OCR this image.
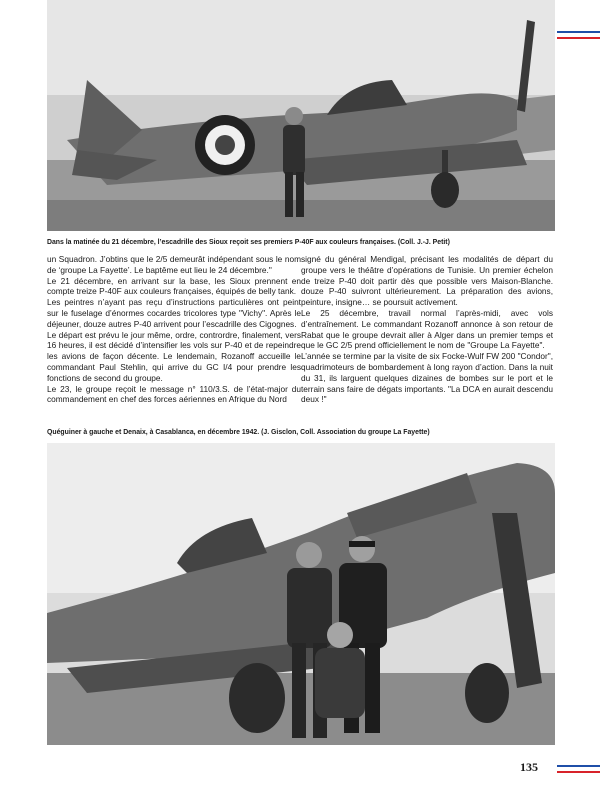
Dans la matinée du 21 décembre, l’escadrille des Sioux reçoit ses premiers P-40F aux couleurs françaises. (Coll. J.-J. Petit)

un Squadron. J’obtins que le 2/5 demeurât indépendant sous le nom de ‘groupe La Fayette’. Le baptême eut lieu le 24 décembre."

Le 21 décembre, en arrivant sur la base, les Sioux prennent en compte treize P-40F aux couleurs françaises, équipés de belly tank.

Les peintres n’ayant pas reçu d’instructions particulières ont peint sur le fuselage d’énormes cocardes tricolores type "Vichy". Après le déjeuner, douze autres P-40 arrivent pour l’escadrille des Cigognes.

Le départ est prévu le jour même, ordre, contrordre, finalement, vers 16 heures, il est décidé d’intensifier les vols sur P-40 et de repeindre les avions de façon décente. Le lendemain, Rozanoff accueille le commandant Paul Stehlin, qui arrive du GC I/4 pour prendre les fonctions de second du groupe.

Le 23, le groupe reçoit le message n° 110/3.S. de l’état-major du commandement en chef des forces aériennes en Afrique du Nord

signé du général Mendigal, précisant les modalités de départ du groupe vers le théâtre d’opérations de Tunisie. Un premier échelon de treize P-40 doit partir dès que possible vers Maison-Blanche. douze P-40 suivront ultérieurement. La préparation des avions, peinture, insigne… se poursuit activement.

Le 25 décembre, travail normal l’après-midi, avec vols d’entraînement. Le commandant Rozanoff annonce à son retour de Rabat que le groupe devrait aller à Alger dans un premier temps et que le GC 2/5 prend officiellement le nom de "Groupe La Fayette".

L’année se termine par la visite de six Focke-Wulf FW 200 "Condor", quadrimoteurs de bombardement à long rayon d’action. Dans la nuit du 31, ils larguent quelques dizaines de bombes sur le port et le terrain sans faire de dégats importants. "La DCA en aurait descendu deux !"

Quéguiner à gauche et Denaix, à Casablanca, en décembre 1942. (J. Gisclon, Coll. Association du groupe La Fayette)
135
